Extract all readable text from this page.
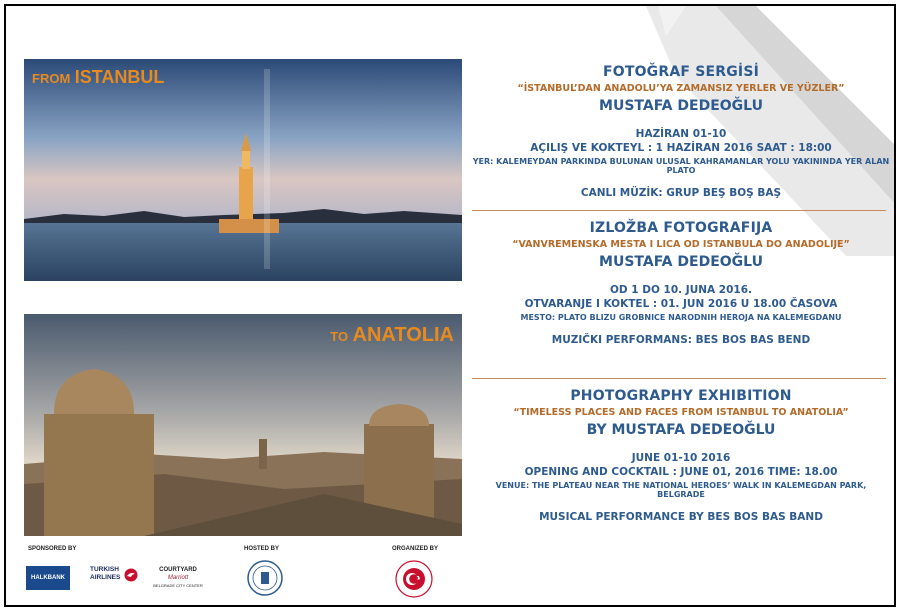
FROM ISTANBUL
TO ANATOLIA
FOTOĞRAF SERGİSİ
“İSTANBUL’DAN ANADOLU’YA ZAMANSIZ YERLER VE YÜZLER”
MUSTAFA DEDEOĞLU
HAZİRAN 01-10
AÇILIŞ VE KOKTEYL : 1 HAZİRAN 2016 SAAT : 18:00
YER: KALEMEYDAN PARKINDA BULUNAN ULUSAL KAHRAMANLAR YOLU YAKININDA YER ALAN PLATO
CANLI MÜZİK: GRUP BEŞ BOŞ BAŞ
IZLOŽBA FOTOGRAFIJA
“VANVREMENSKA MESTA I LICA OD ISTANBULA DO ANADOLIJE”
MUSTAFA DEDEOĞLU
OD 1 DO 10. JUNA 2016.
OTVARANJE I KOKTEL : 01. JUN 2016 U 18.00 ČASOVA
MESTO: PLATO BLIZU GROBNICE NARODNIH HEROJA NA KALEMEGDANU
MUZIČKI PERFORMANS: BES BOS BAS BEND
PHOTOGRAPHY EXHIBITION
“TIMELESS PLACES AND FACES FROM ISTANBUL TO ANATOLIA”
BY MUSTAFA DEDEOĞLU
JUNE 01-10 2016
OPENING AND COCKTAIL : JUNE 01, 2016 TIME: 18.00
VENUE: THE PLATEAU NEAR THE NATIONAL HEROES’ WALK IN KALEMEGDAN PARK, BELGRADE
MUSICAL PERFORMANCE BY BES BOS BAS BAND
SPONSORED BY	HOSTED BY	ORGANIZED BY
HALKBANK
TURKISH
AIRLINES
COURTYARD
Marriott
BELGRADE CITY CENTER
